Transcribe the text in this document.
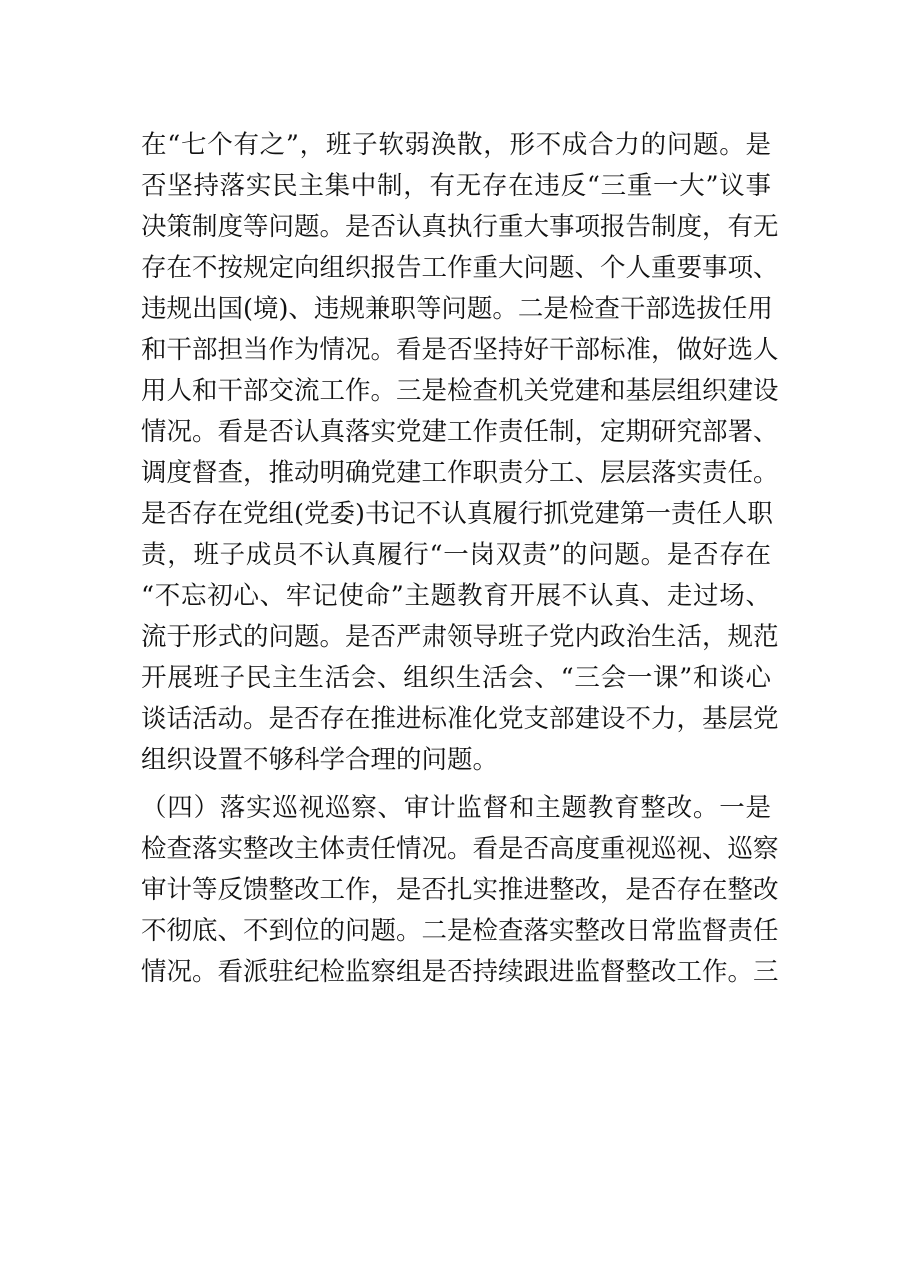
在“七个有之”，班子软弱涣散，形不成合力的问题。是
否坚持落实民主集中制，有无存在违反“三重一大”议事
决策制度等问题。是否认真执行重大事项报告制度，有无
存在不按规定向组织报告工作重大问题、个人重要事项、
违规出国(境)、违规兼职等问题。二是检查干部选拔任用
和干部担当作为情况。看是否坚持好干部标准，做好选人
用人和干部交流工作。三是检查机关党建和基层组织建设
情况。看是否认真落实党建工作责任制，定期研究部署、
调度督查，推动明确党建工作职责分工、层层落实责任。
是否存在党组(党委)书记不认真履行抓党建第一责任人职
责，班子成员不认真履行“一岗双责”的问题。是否存在
“不忘初心、牢记使命”主题教育开展不认真、走过场、
流于形式的问题。是否严肃领导班子党内政治生活，规范
开展班子民主生活会、组织生活会、“三会一课”和谈心
谈话活动。是否存在推进标准化党支部建设不力，基层党
组织设置不够科学合理的问题。
（四）落实巡视巡察、审计监督和主题教育整改。一是
检查落实整改主体责任情况。看是否高度重视巡视、巡察
审计等反馈整改工作，是否扎实推进整改，是否存在整改
不彻底、不到位的问题。二是检查落实整改日常监督责任
情况。看派驻纪检监察组是否持续跟进监督整改工作。三
